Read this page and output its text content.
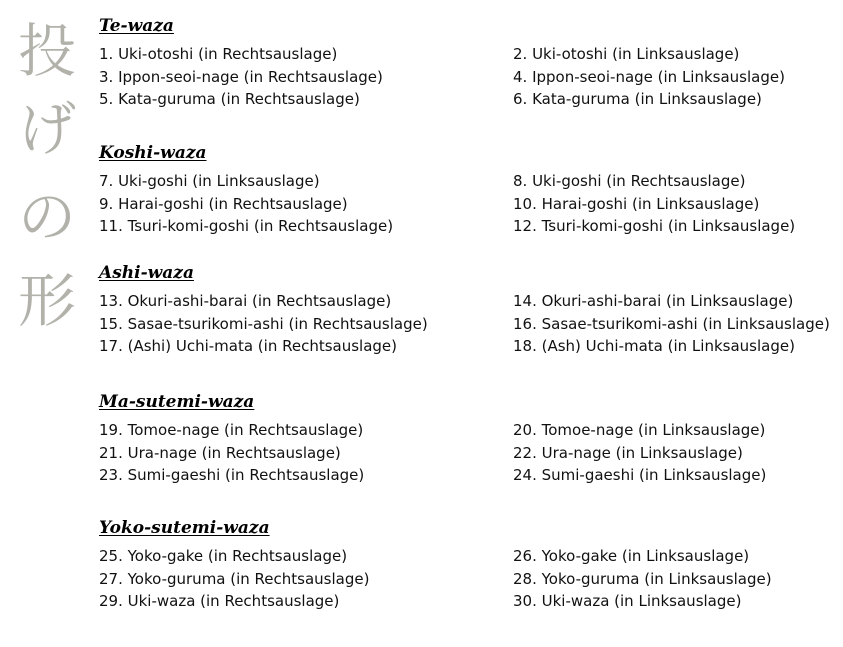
投
げ
の
形
Te-waza
1. Uki-otoshi (in Rechtsauslage)	2. Uki-otoshi (in Linksauslage)
3. Ippon-seoi-nage (in Rechtsauslage)	4. Ippon-seoi-nage (in Linksauslage)
5. Kata-guruma (in Rechtsauslage)	6. Kata-guruma (in Linksauslage)
Koshi-waza
7. Uki-goshi (in Linksauslage)	8. Uki-goshi (in Rechtsauslage)
9. Harai-goshi (in Rechtsauslage)	10. Harai-goshi (in Linksauslage)
11. Tsuri-komi-goshi (in Rechtsauslage)	12. Tsuri-komi-goshi (in Linksauslage)
Ashi-waza
13. Okuri-ashi-barai (in Rechtsauslage)	14. Okuri-ashi-barai (in Linksauslage)
15. Sasae-tsurikomi-ashi (in Rechtsauslage)	16. Sasae-tsurikomi-ashi (in Linksauslage)
17. (Ashi) Uchi-mata (in Rechtsauslage)	18. (Ash) Uchi-mata (in Linksauslage)
Ma-sutemi-waza
19. Tomoe-nage (in Rechtsauslage)	20. Tomoe-nage (in Linksauslage)
21. Ura-nage (in Rechtsauslage)	22. Ura-nage (in Linksauslage)
23. Sumi-gaeshi (in Rechtsauslage)	24. Sumi-gaeshi (in Linksauslage)
Yoko-sutemi-waza
25. Yoko-gake (in Rechtsauslage)	26. Yoko-gake (in Linksauslage)
27. Yoko-guruma (in Rechtsauslage)	28. Yoko-guruma (in Linksauslage)
29. Uki-waza (in Rechtsauslage)	30. Uki-waza (in Linksauslage)
